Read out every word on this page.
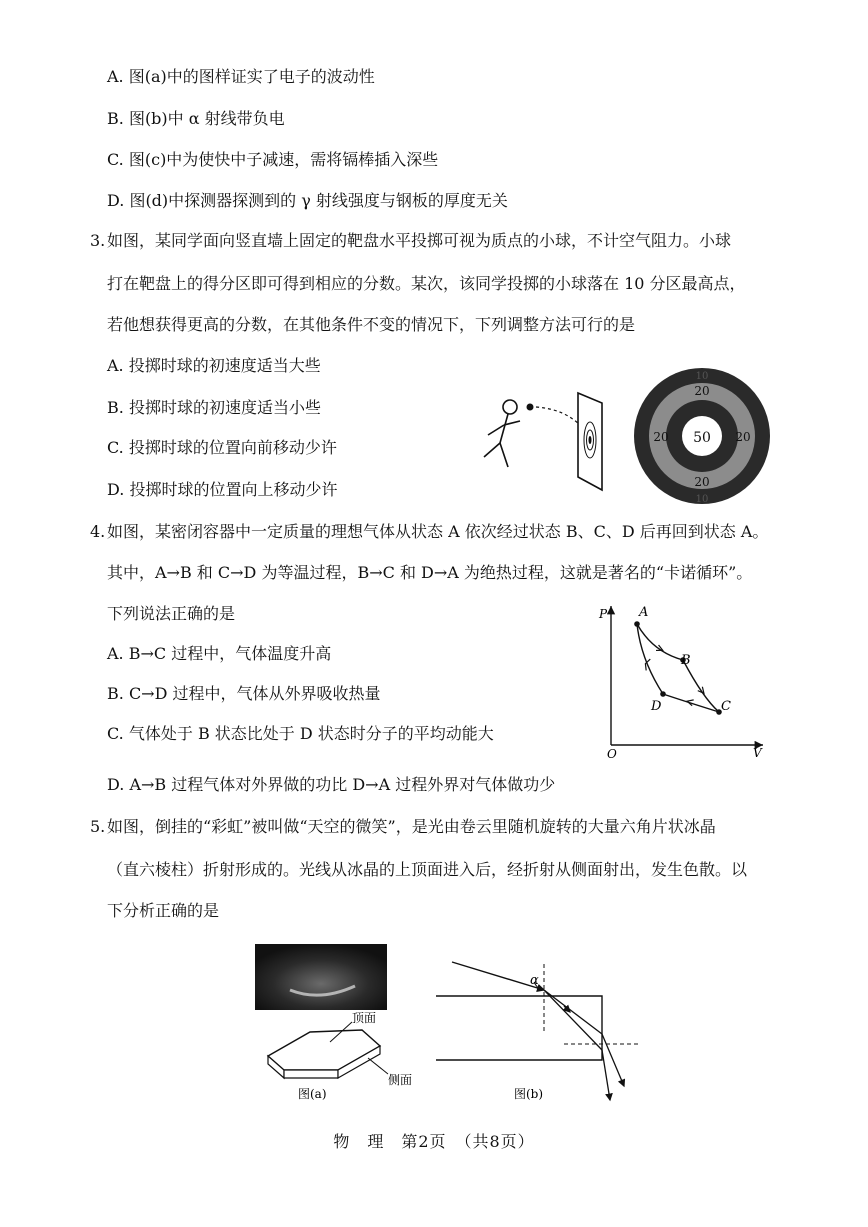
A. 图(a)中的图样证实了电子的波动性
B. 图(b)中 α 射线带负电
C. 图(c)中为使快中子减速，需将镉棒插入深些
D. 图(d)中探测器探测到的 γ 射线强度与钢板的厚度无关
3. 如图，某同学面向竖直墙上固定的靶盘水平投掷可视为质点的小球，不计空气阻力。小球
打在靶盘上的得分区即可得到相应的分数。某次，该同学投掷的小球落在 10 分区最高点，
若他想获得更高的分数，在其他条件不变的情况下，下列调整方法可行的是
A. 投掷时球的初速度适当大些
B. 投掷时球的初速度适当小些
C. 投掷时球的位置向前移动少许
D. 投掷时球的位置向上移动少许
50
20
20
20	20
10
10
4. 如图，某密闭容器中一定质量的理想气体从状态 A 依次经过状态 B、C、D 后再回到状态 A。
其中，A→B 和 C→D 为等温过程，B→C 和 D→A 为绝热过程，这就是著名的“卡诺循环”。
下列说法正确的是
A. B→C 过程中，气体温度升高
B. C→D 过程中，气体从外界吸收热量
C. 气体处于 B 状态比处于 D 状态时分子的平均动能大
D. A→B 过程气体对外界做的功比 D→A 过程外界对气体做功少
P
V
O
A
B
C
D
5. 如图，倒挂的“彩虹”被叫做“天空的微笑”，是光由卷云里随机旋转的大量六角片状冰晶
（直六棱柱）折射形成的。光线从冰晶的上顶面进入后，经折射从侧面射出，发生色散。以
下分析正确的是
顶面
侧面
图(a)
α
图(b)
物　理　第2页　（共8页）
